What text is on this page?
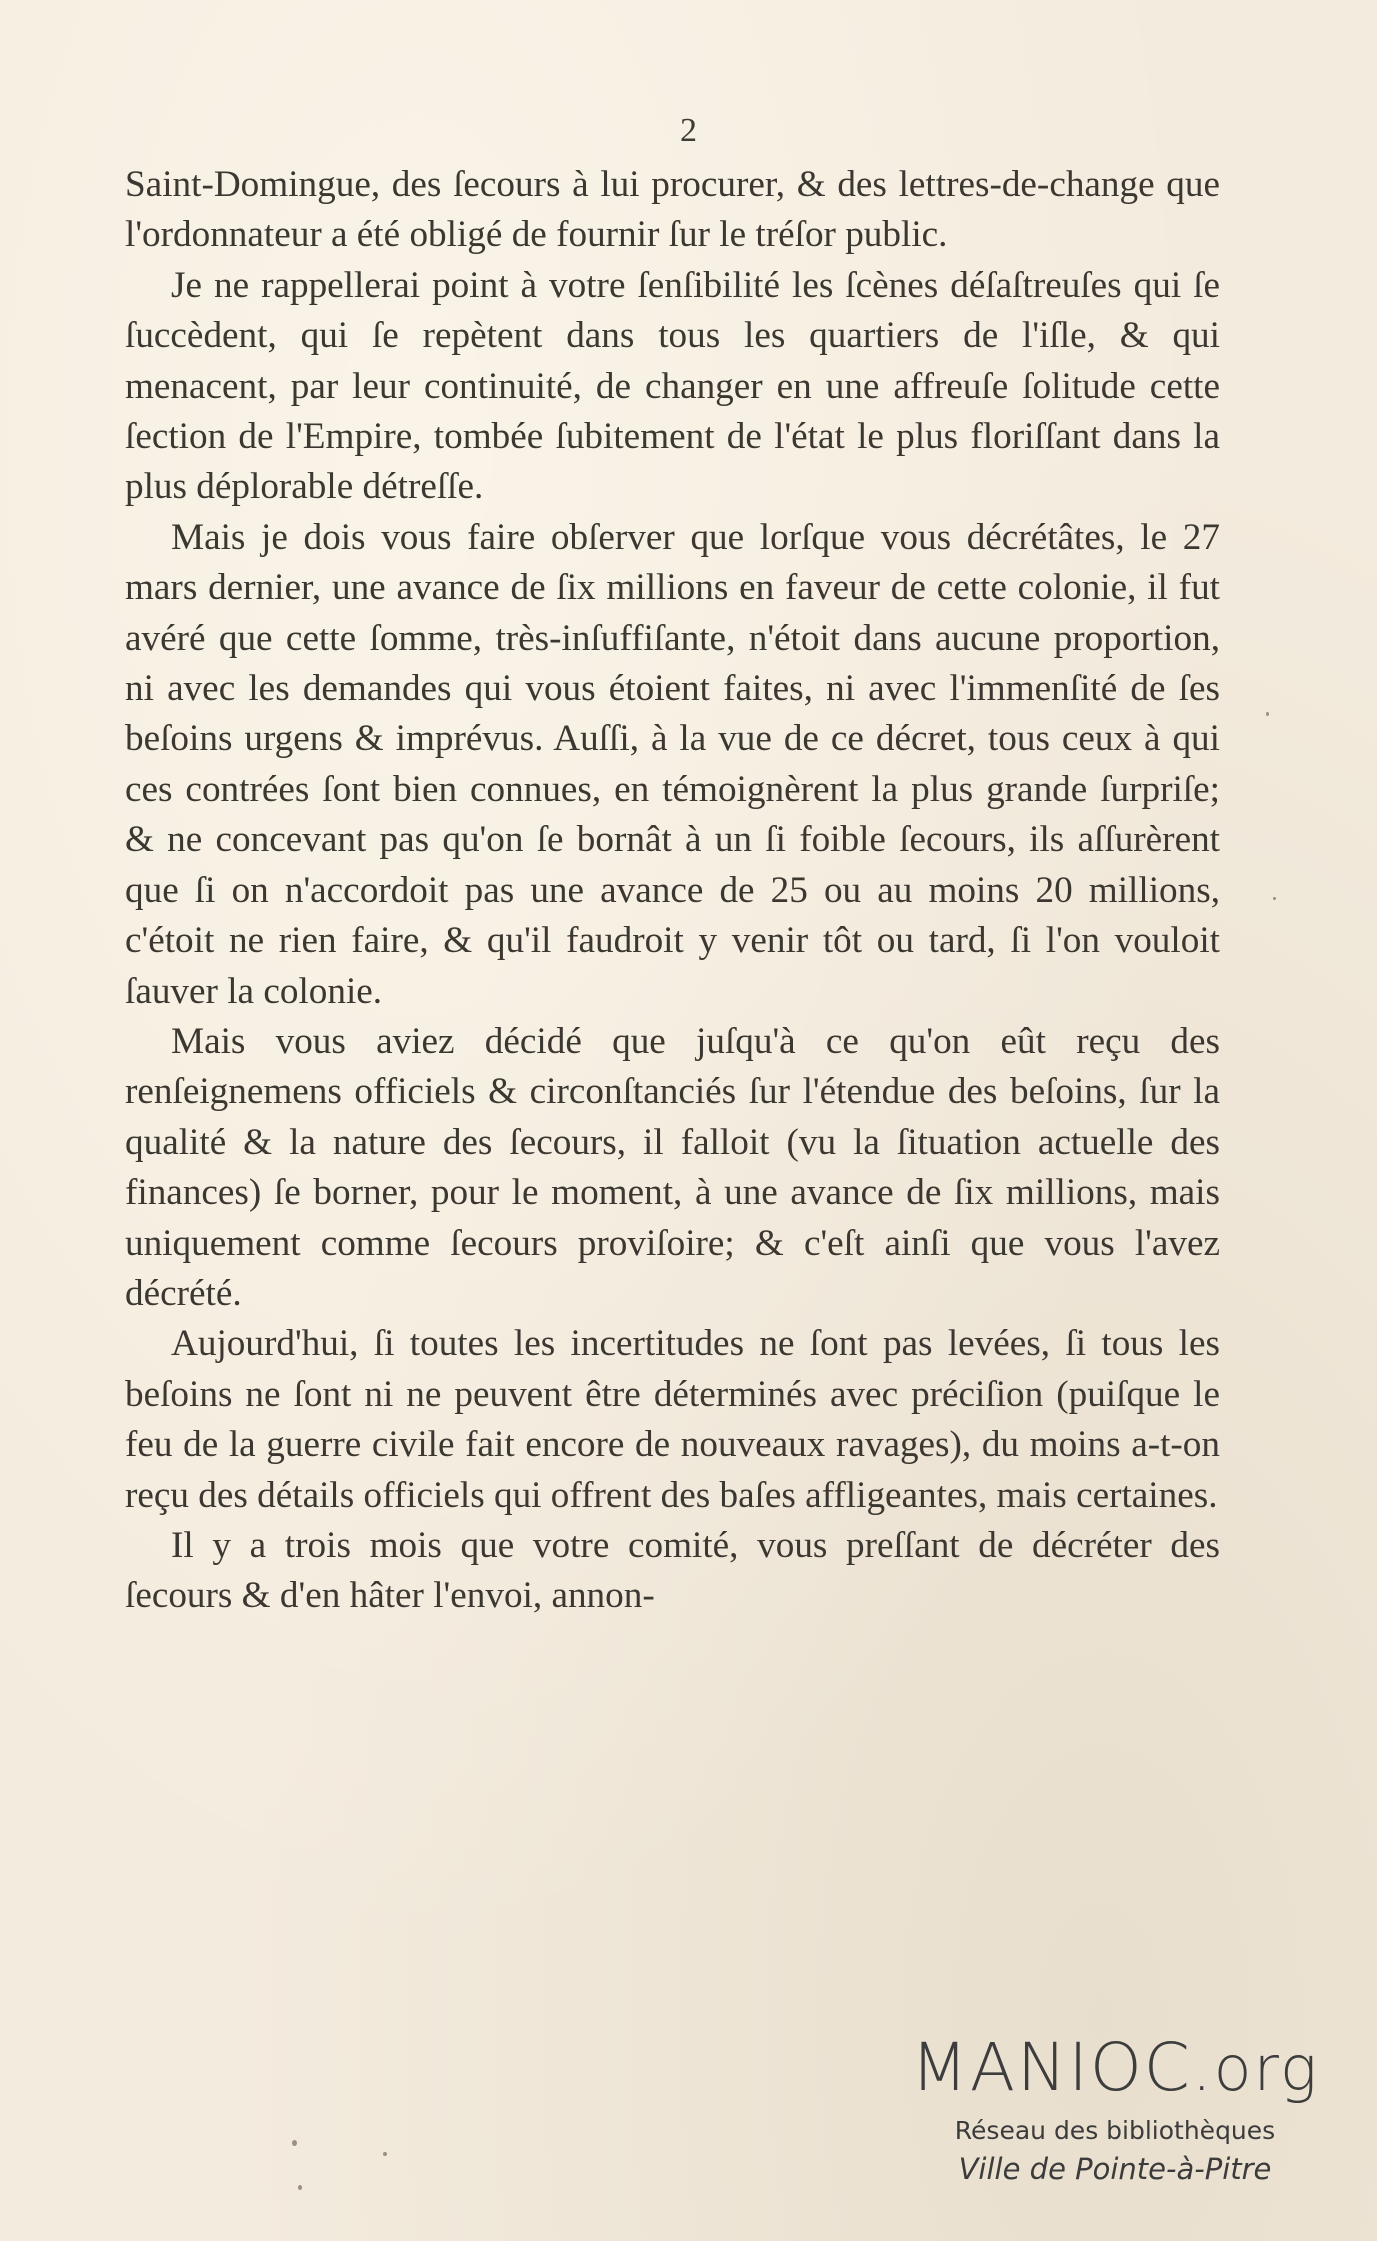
2

Saint-Domingue, des ſecours à lui procurer, & des lettres-de-change que l'ordonnateur a été obligé de fournir ſur le tréſor public.

Je ne rappellerai point à votre ſenſibilité les ſcènes déſaſtreuſes qui ſe ſuccèdent, qui ſe repètent dans tous les quartiers de l'iſle, & qui menacent, par leur continuité, de changer en une affreuſe ſolitude cette ſection de l'Empire, tombée ſubitement de l'état le plus floriſſant dans la plus déplorable détreſſe.

Mais je dois vous faire obſerver que lorſque vous décrétâtes, le 27 mars dernier, une avance de ſix millions en faveur de cette colonie, il fut avéré que cette ſomme, très-inſuffiſante, n'étoit dans aucune proportion, ni avec les demandes qui vous étoient faites, ni avec l'immenſité de ſes beſoins urgens & imprévus. Auſſi, à la vue de ce décret, tous ceux à qui ces contrées ſont bien connues, en témoignèrent la plus grande ſurpriſe; & ne concevant pas qu'on ſe bornât à un ſi foible ſecours, ils aſſurèrent que ſi on n'accordoit pas une avance de 25 ou au moins 20 millions, c'étoit ne rien faire, & qu'il faudroit y venir tôt ou tard, ſi l'on vouloit ſauver la colonie.

Mais vous aviez décidé que juſqu'à ce qu'on eût reçu des renſeignemens officiels & circonſtanciés ſur l'étendue des beſoins, ſur la qualité & la nature des ſecours, il falloit (vu la ſituation actuelle des finances) ſe borner, pour le moment, à une avance de ſix millions, mais uniquement comme ſecours proviſoire; & c'eſt ainſi que vous l'avez décrété.

Aujourd'hui, ſi toutes les incertitudes ne ſont pas levées, ſi tous les beſoins ne ſont ni ne peuvent être déterminés avec préciſion (puiſque le feu de la guerre civile fait encore de nouveaux ravages), du moins a-t-on reçu des détails officiels qui offrent des baſes affligeantes, mais certaines.

Il y a trois mois que votre comité, vous preſſant de décréter des ſecours & d'en hâter l'envoi, annon-

MANIOC.org
Réseau des bibliothèques
Ville de Pointe-à-Pitre
